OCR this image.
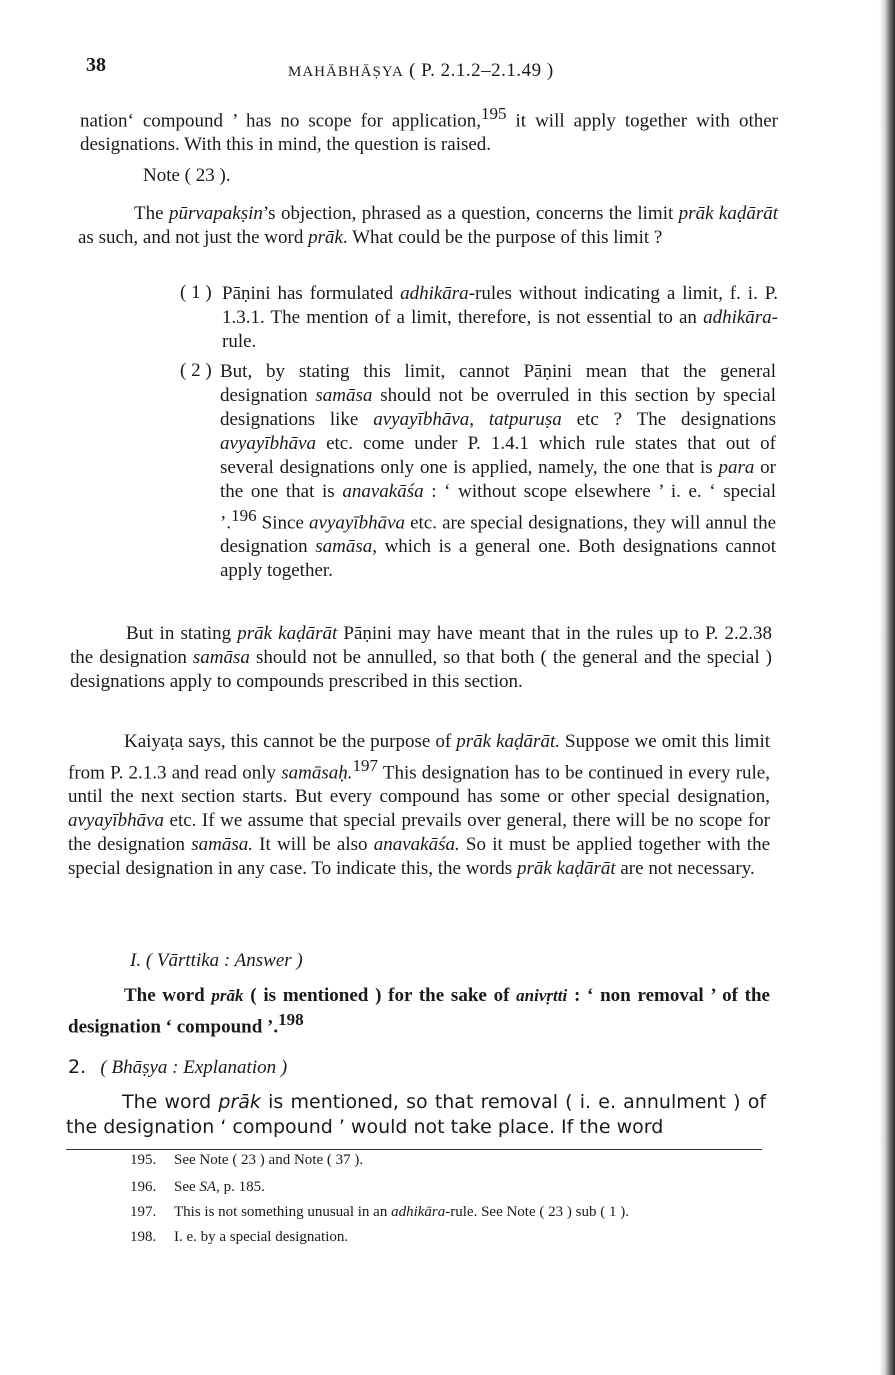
38	MAHĀBHĀṢYA ( P. 2.1.2–2.1.49 )
nation‘ compound ’ has no scope for application,$^{195}$ it will apply together with other designations. With this in mind, the question is raised.
Note ( 23 ).
The pūrvapakṣin’s objection, phrased as a question, concerns the limit prāk kaḍārāt as such, and not just the word prāk. What could be the purpose of this limit ?
( 1 ) Pāṇini has formulated adhikāra-rules without indicating a limit, f. i. P. 1.3.1. The mention of a limit, therefore, is not essential to an adhikāra-rule.
( 2 ) But, by stating this limit, cannot Pāṇini mean that the general designation samāsa should not be overruled in this section by special designations like avyayībhāva, tatpuruṣa etc ? The designations avyayībhāva etc. come under P. 1.4.1 which rule states that out of several designations only one is applied, namely, the one that is para or the one that is anavakāśa : ‘ without scope elsewhere ’ i. e. ‘ special ’.$^{196}$ Since avyayībhāva etc. are special designations, they will annul the designation samāsa, which is a general one. Both designations cannot apply together.
But in stating prāk kaḍārāt Pāṇini may have meant that in the rules up to P. 2.2.38 the designation samāsa should not be annulled, so that both ( the general and the special ) designations apply to compounds prescribed in this section.
Kaiyaṭa says, this cannot be the purpose of prāk kaḍārāt. Suppose we omit this limit from P. 2.1.3 and read only samāsaḥ.$^{197}$ This designation has to be continued in every rule, until the next section starts. But every compound has some or other special designation, avyayībhāva etc. If we assume that special prevails over general, there will be no scope for the designation samāsa. It will be also anavakāśa. So it must be applied together with the special designation in any case. To indicate this, the words prāk kaḍārāt are not necessary.
I. ( Vārttika : Answer )
The word prāk ( is mentioned ) for the sake of anivṛtti : ‘ non removal ’ of the designation ‘ compound ’.$^{198}$
2. ( Bhāṣya : Explanation )
The word prāk is mentioned, so that removal ( i. e. annulment ) of the designation ‘ compound ’ would not take place. If the word
195. See Note ( 23 ) and Note ( 37 ).
196. See SA, p. 185.
197. This is not something unusual in an adhikāra-rule. See Note ( 23 ) sub ( 1 ).
198. I. e. by a special designation.
